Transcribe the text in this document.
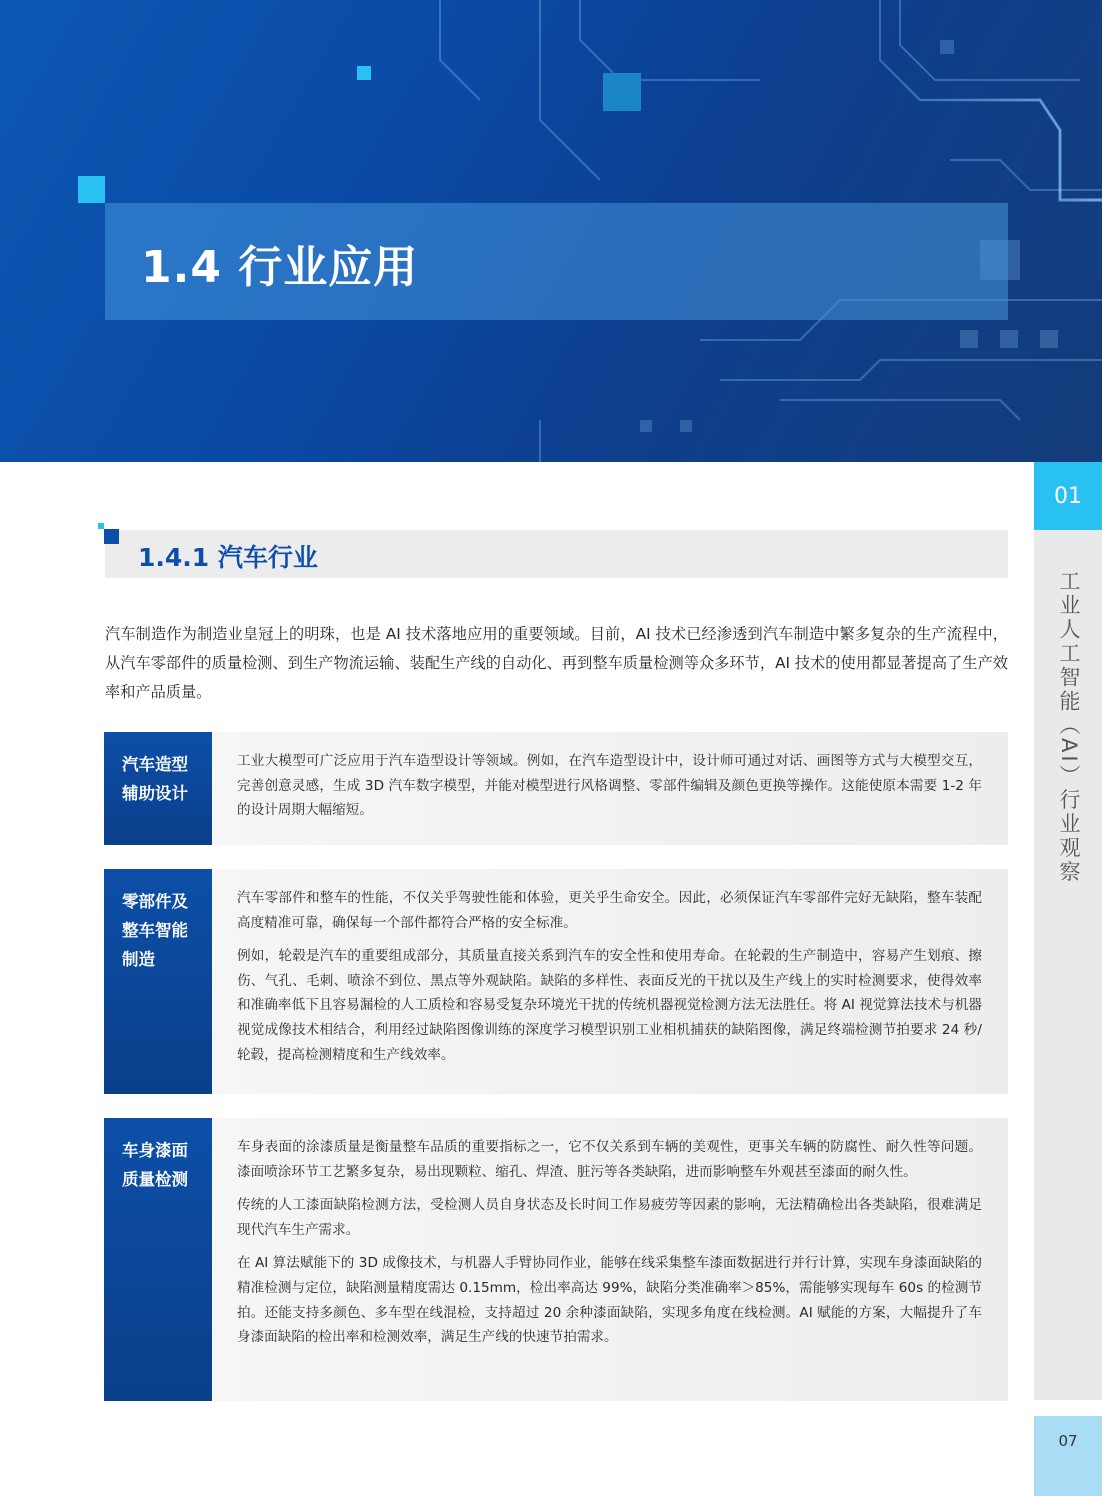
1.4 行业应用
01
工业人工智能（AI）行业观察
07
1.4.1 汽车行业

汽车制造作为制造业皇冠上的明珠，也是 AI 技术落地应用的重要领域。目前，AI 技术已经渗透到汽车制造中繁多复杂的生产流程中，从汽车零部件的质量检测、到生产物流运输、装配生产线的自动化、再到整车质量检测等众多环节，AI 技术的使用都显著提高了生产效率和产品质量。

汽车造型辅助设计

工业大模型可广泛应用于汽车造型设计等领域。例如，在汽车造型设计中，设计师可通过对话、画图等方式与大模型交互，完善创意灵感，生成 3D 汽车数字模型，并能对模型进行风格调整、零部件编辑及颜色更换等操作。这能使原本需要 1-2 年的设计周期大幅缩短。

零部件及整车智能制造

汽车零部件和整车的性能，不仅关乎驾驶性能和体验，更关乎生命安全。因此，必须保证汽车零部件完好无缺陷，整车装配高度精准可靠，确保每一个部件都符合严格的安全标准。

例如，轮毂是汽车的重要组成部分，其质量直接关系到汽车的安全性和使用寿命。在轮毂的生产制造中，容易产生划痕、擦伤、气孔、毛刺、喷涂不到位、黑点等外观缺陷。缺陷的多样性、表面反光的干扰以及生产线上的实时检测要求，使得效率和准确率低下且容易漏检的人工质检和容易受复杂环境光干扰的传统机器视觉检测方法无法胜任。将 AI 视觉算法技术与机器视觉成像技术相结合，利用经过缺陷图像训练的深度学习模型识别工业相机捕获的缺陷图像，满足终端检测节拍要求 24 秒/轮毂，提高检测精度和生产线效率。

车身漆面质量检测

车身表面的涂漆质量是衡量整车品质的重要指标之一，它不仅关系到车辆的美观性，更事关车辆的防腐性、耐久性等问题。漆面喷涂环节工艺繁多复杂，易出现颗粒、缩孔、焊渣、脏污等各类缺陷，进而影响整车外观甚至漆面的耐久性。

传统的人工漆面缺陷检测方法，受检测人员自身状态及长时间工作易疲劳等因素的影响，无法精确检出各类缺陷，很难满足现代汽车生产需求。

在 AI 算法赋能下的 3D 成像技术，与机器人手臂协同作业，能够在线采集整车漆面数据进行并行计算，实现车身漆面缺陷的精准检测与定位，缺陷测量精度需达 0.15mm，检出率高达 99%，缺陷分类准确率＞85%，需能够实现每车 60s 的检测节拍。还能支持多颜色、多车型在线混检，支持超过 20 余种漆面缺陷，实现多角度在线检测。AI 赋能的方案，大幅提升了车身漆面缺陷的检出率和检测效率，满足生产线的快速节拍需求。
